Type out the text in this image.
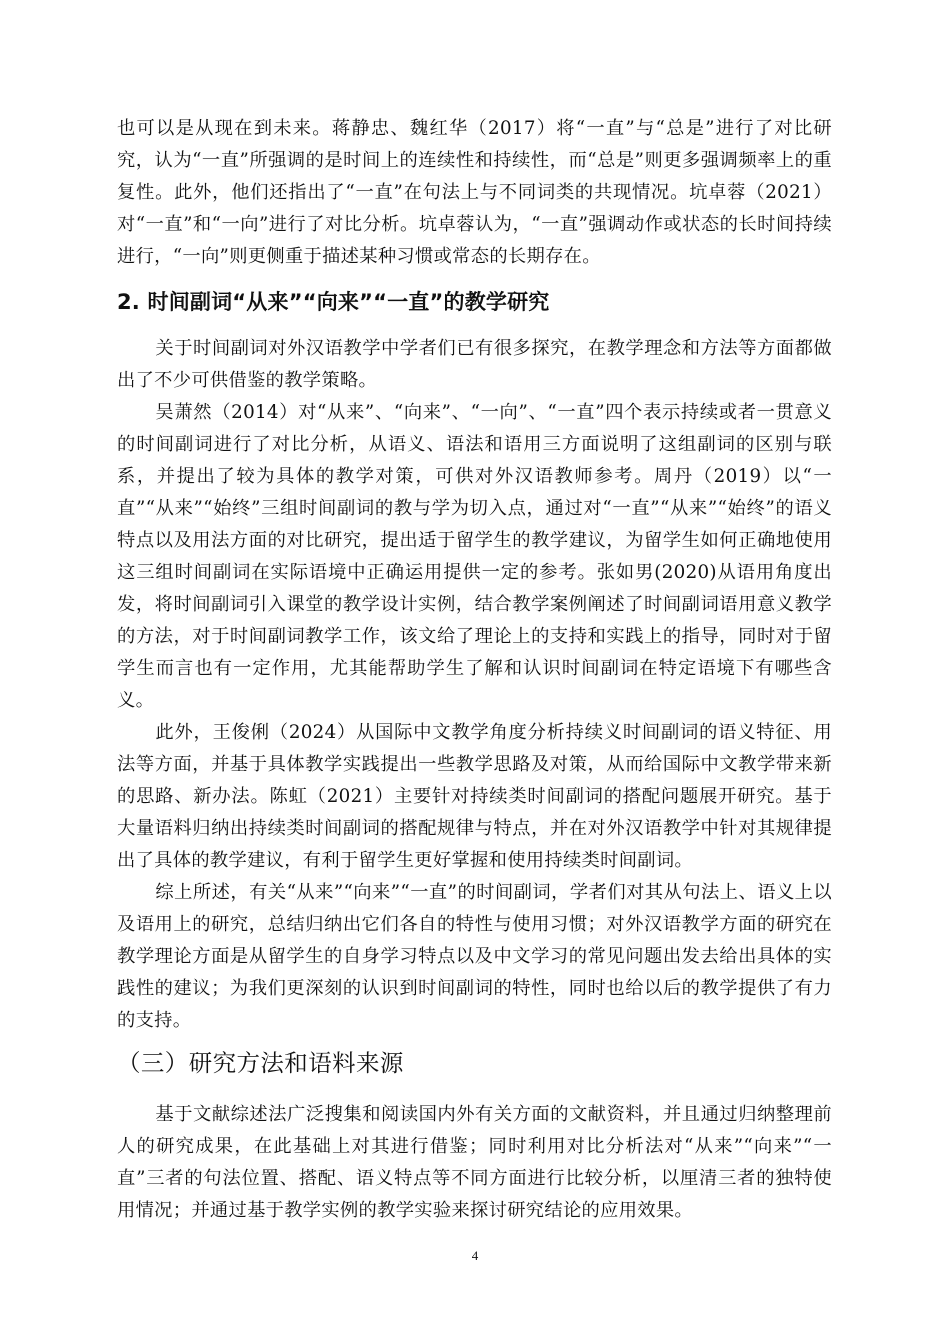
也可以是从现在到未来。蒋静忠、魏红华（2017）将“一直”与“总是”进行了对比研究，认为“一直”所强调的是时间上的连续性和持续性，而“总是”则更多强调频率上的重复性。此外，他们还指出了“一直”在句法上与不同词类的共现情况。坑卓蓉（2021）对“一直”和“一向”进行了对比分析。坑卓蓉认为，“一直”强调动作或状态的长时间持续进行，“一向”则更侧重于描述某种习惯或常态的长期存在。

2. 时间副词“从来”“向来”“一直”的教学研究

关于时间副词对外汉语教学中学者们已有很多探究，在教学理念和方法等方面都做出了不少可供借鉴的教学策略。

吴萧然（2014）对“从来”、“向来”、“一向”、“一直”四个表示持续或者一贯意义的时间副词进行了对比分析，从语义、语法和语用三方面说明了这组副词的区别与联系，并提出了较为具体的教学对策，可供对外汉语教师参考。周丹（2019）以“一直”“从来”“始终”三组时间副词的教与学为切入点，通过对“一直”“从来”“始终”的语义特点以及用法方面的对比研究，提出适于留学生的教学建议，为留学生如何正确地使用这三组时间副词在实际语境中正确运用提供一定的参考。张如男(2020)从语用角度出发，将时间副词引入课堂的教学设计实例，结合教学案例阐述了时间副词语用意义教学的方法，对于时间副词教学工作，该文给了理论上的支持和实践上的指导，同时对于留学生而言也有一定作用，尤其能帮助学生了解和认识时间副词在特定语境下有哪些含义。

此外，王俊俐（2024）从国际中文教学角度分析持续义时间副词的语义特征、用法等方面，并基于具体教学实践提出一些教学思路及对策，从而给国际中文教学带来新的思路、新办法。陈虹（2021）主要针对持续类时间副词的搭配问题展开研究。基于大量语料归纳出持续类时间副词的搭配规律与特点，并在对外汉语教学中针对其规律提出了具体的教学建议，有利于留学生更好掌握和使用持续类时间副词。

综上所述，有关“从来”“向来”“一直”的时间副词，学者们对其从句法上、语义上以及语用上的研究，总结归纳出它们各自的特性与使用习惯；对外汉语教学方面的研究在教学理论方面是从留学生的自身学习特点以及中文学习的常见问题出发去给出具体的实践性的建议；为我们更深刻的认识到时间副词的特性，同时也给以后的教学提供了有力的支持。

（三）研究方法和语料来源

基于文献综述法广泛搜集和阅读国内外有关方面的文献资料，并且通过归纳整理前人的研究成果，在此基础上对其进行借鉴；同时利用对比分析法对“从来”“向来”“一直”三者的句法位置、搭配、语义特点等不同方面进行比较分析，以厘清三者的独特使用情况；并通过基于教学实例的教学实验来探讨研究结论的应用效果。

4
